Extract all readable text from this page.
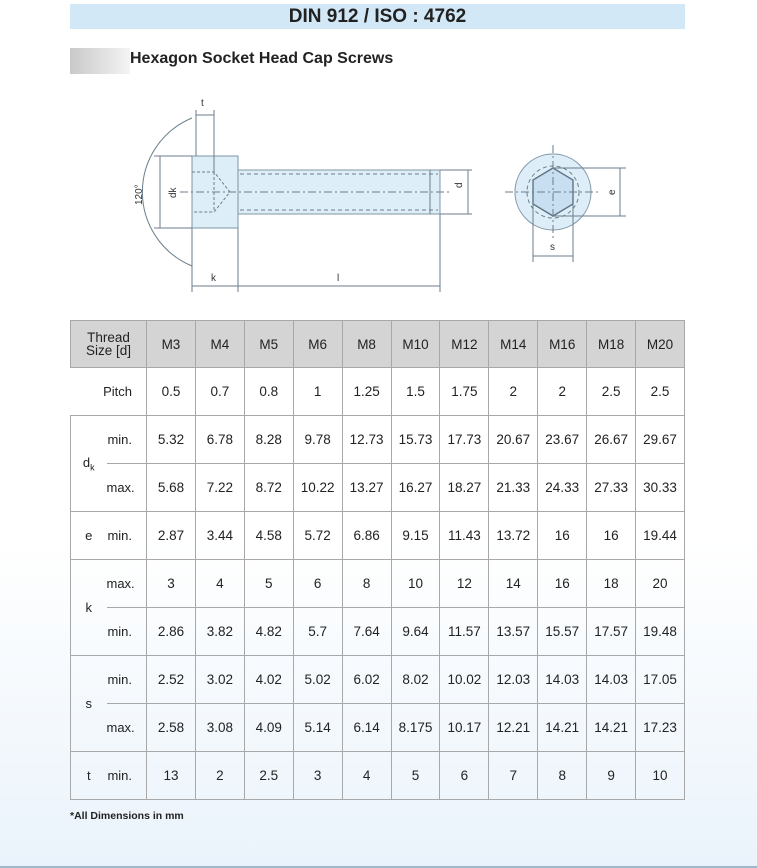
DIN 912 / ISO : 4762
Hexagon Socket Head Cap Screws
t
120° dk
k	l
d
e
s
Thread
Size [d]		M3	M4	M5	M6	M8	M10	M12	M14	M16	M18	M20
Pitch		0.5	0.7	0.8	1	1.25	1.5	1.75	2	2	2.5	2.5
$d_k$	min.	5.32	6.78	8.28	9.78	12.73	15.73	17.73	20.67	23.67	26.67	29.67
	max.	5.68	7.22	8.72	10.22	13.27	16.27	18.27	21.33	24.33	27.33	30.33
e	min.	2.87	3.44	4.58	5.72	6.86	9.15	11.43	13.72	16	16	19.44
k	max.	3	4	5	6	8	10	12	14	16	18	20
	min.	2.86	3.82	4.82	5.7	7.64	9.64	11.57	13.57	15.57	17.57	19.48
s	min.	2.52	3.02	4.02	5.02	6.02	8.02	10.02	12.03	14.03	14.03	17.05
	max.	2.58	3.08	4.09	5.14	6.14	8.175	10.17	12.21	14.21	14.21	17.23
t	min.	13	2	2.5	3	4	5	6	7	8	9	10
*All Dimensions in mm
